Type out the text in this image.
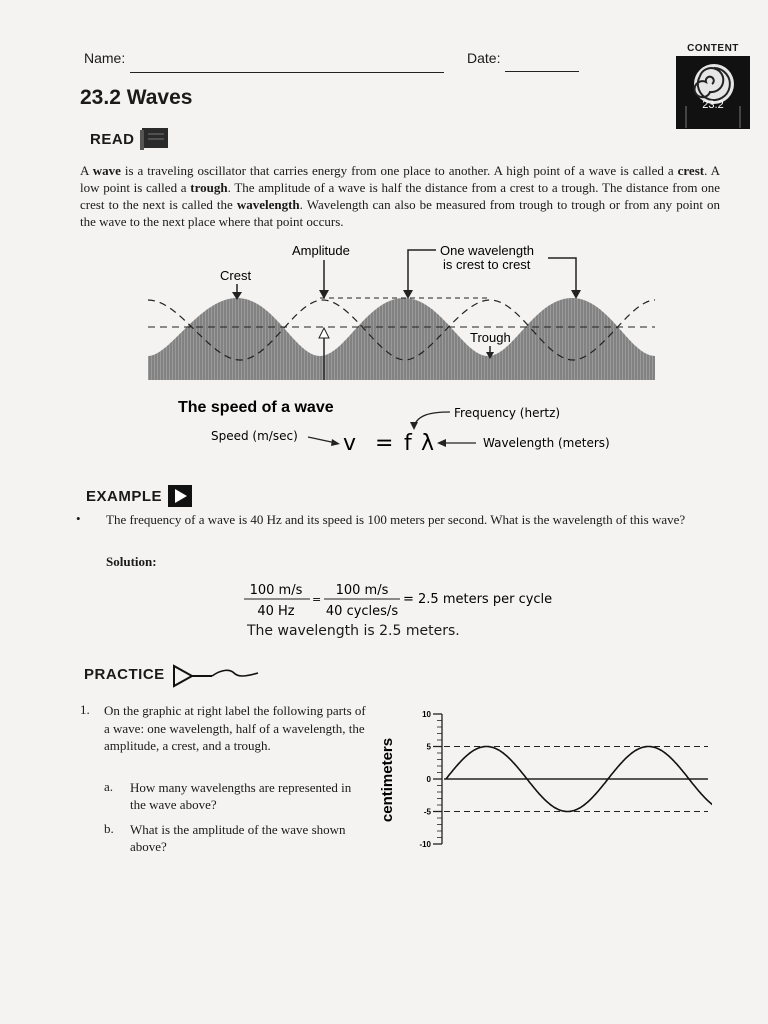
Name:	Date:
23.2 Waves
CONTENT
23.2
READ

A wave is a traveling oscillator that carries energy from one place to another. A high point of a wave is called a crest. A low point is called a trough. The amplitude of a wave is half the distance from a crest to a trough. The distance from one crest to the next is called the wavelength. Wavelength can also be measured from trough to trough or from any point on the wave to the next place where that point occurs.

Crest
Amplitude	One wavelength
is crest to crest
Trough
The speed of a wave
Speed (m/sec) v = f λ
Frequency (hertz)
Wavelength (meters)
EXAMPLE
• The frequency of a wave is 40 Hz and its speed is 100 meters per second. What is the wavelength of this wave?
Solution:
100 m/s
40 Hz
=
100 m/s
40 cycles/s
= 2.5 meters per cycle
The wavelength is 2.5 meters.
PRACTICE
1. On the graphic at right label the following parts of a wave: one wavelength, half of a wavelength, the amplitude, a crest, and a trough.
a. How many wavelengths are represented in the wave above?
b. What is the amplitude of the wave shown above?
centimeters
10
5
0
-5
-10
